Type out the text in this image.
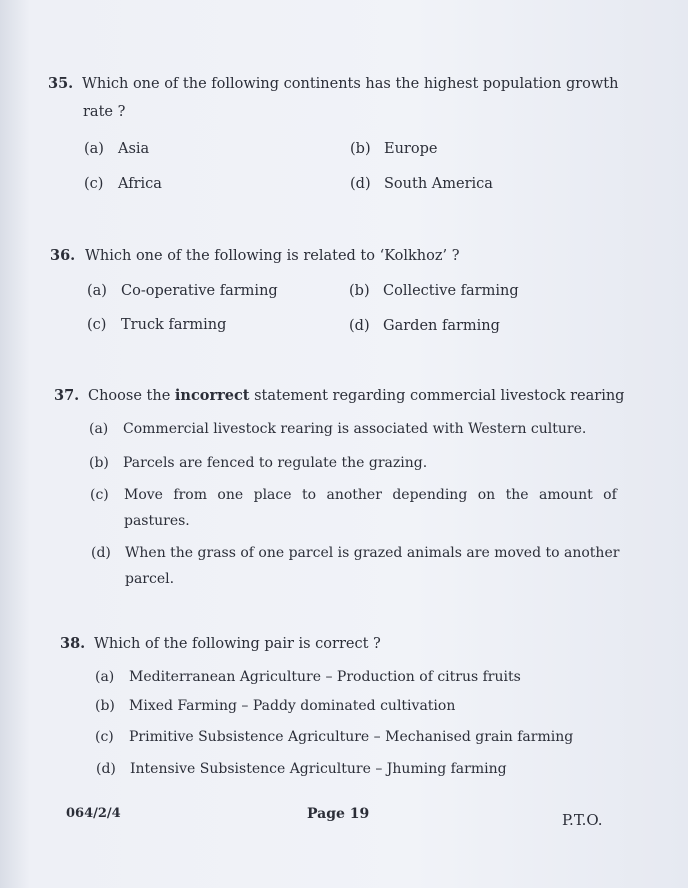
35. Which one of the following continents has the highest population growth
rate ?
(a) Asia	(b) Europe
(c) Africa	(d) South America
36. Which one of the following is related to ‘Kolkhoz’ ?
(a) Co-operative farming	(b) Collective farming
(c) Truck farming	(d) Garden farming
37. Choose the incorrect statement regarding commercial livestock rearing
(a) Commercial livestock rearing is associated with Western culture.
(b) Parcels are fenced to regulate the grazing.
(c) Move from one place to another depending on the amount of
pastures.
(d) When the grass of one parcel is grazed animals are moved to another
parcel.
38. Which of the following pair is correct ?
(a) Mediterranean Agriculture – Production of citrus fruits
(b) Mixed Farming – Paddy dominated cultivation
(c) Primitive Subsistence Agriculture – Mechanised grain farming
(d) Intensive Subsistence Agriculture – Jhuming farming
064/2/4	Page 19	P.T.O.
